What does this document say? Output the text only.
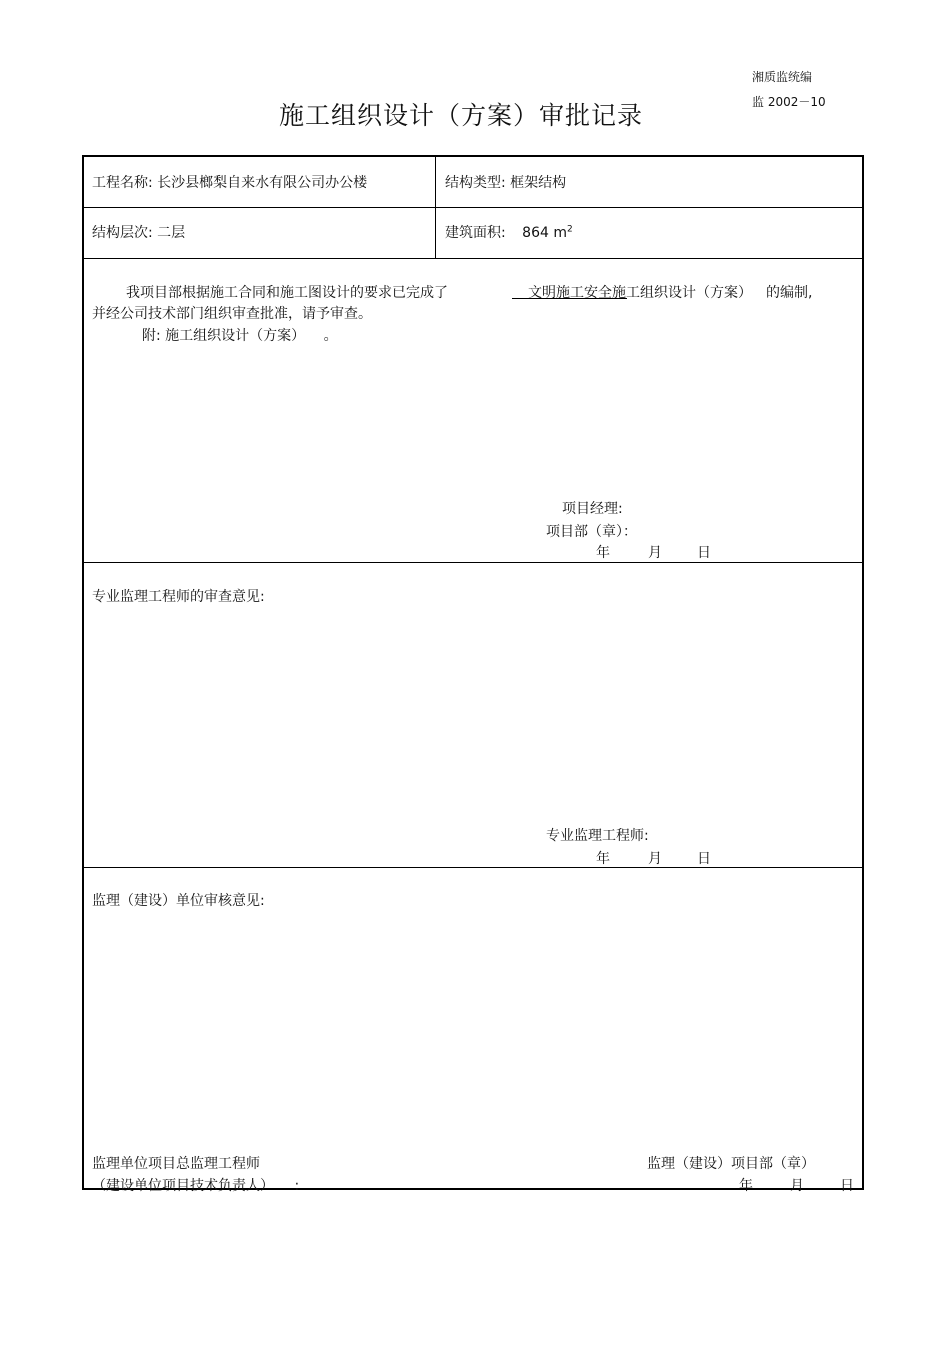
湘质监统编
监 2002－10
施工组织设计（方案）审批记录
工程名称: 长沙县榔梨自来水有限公司办公楼	结构类型: 框架结构
结构层次: 二层	建筑面积: 864 $m^2$
我项目部根据施工合同和施工图设计的要求已完成了	文明施工安全施工组织设计（方案） 的编制,
并经公司技术部门组织审查批准，请予审查。
附: 施工组织设计（方案） 。
项目经理:
项目部（章）：
年	月	日
专业监理工程师的审查意见:
专业监理工程师:
年	月	日
监理（建设）单位审核意见:
监理单位项目总监理工程师
（建设单位项目技术负责人） :
监理（建设）项目部（章）
年	月	日
